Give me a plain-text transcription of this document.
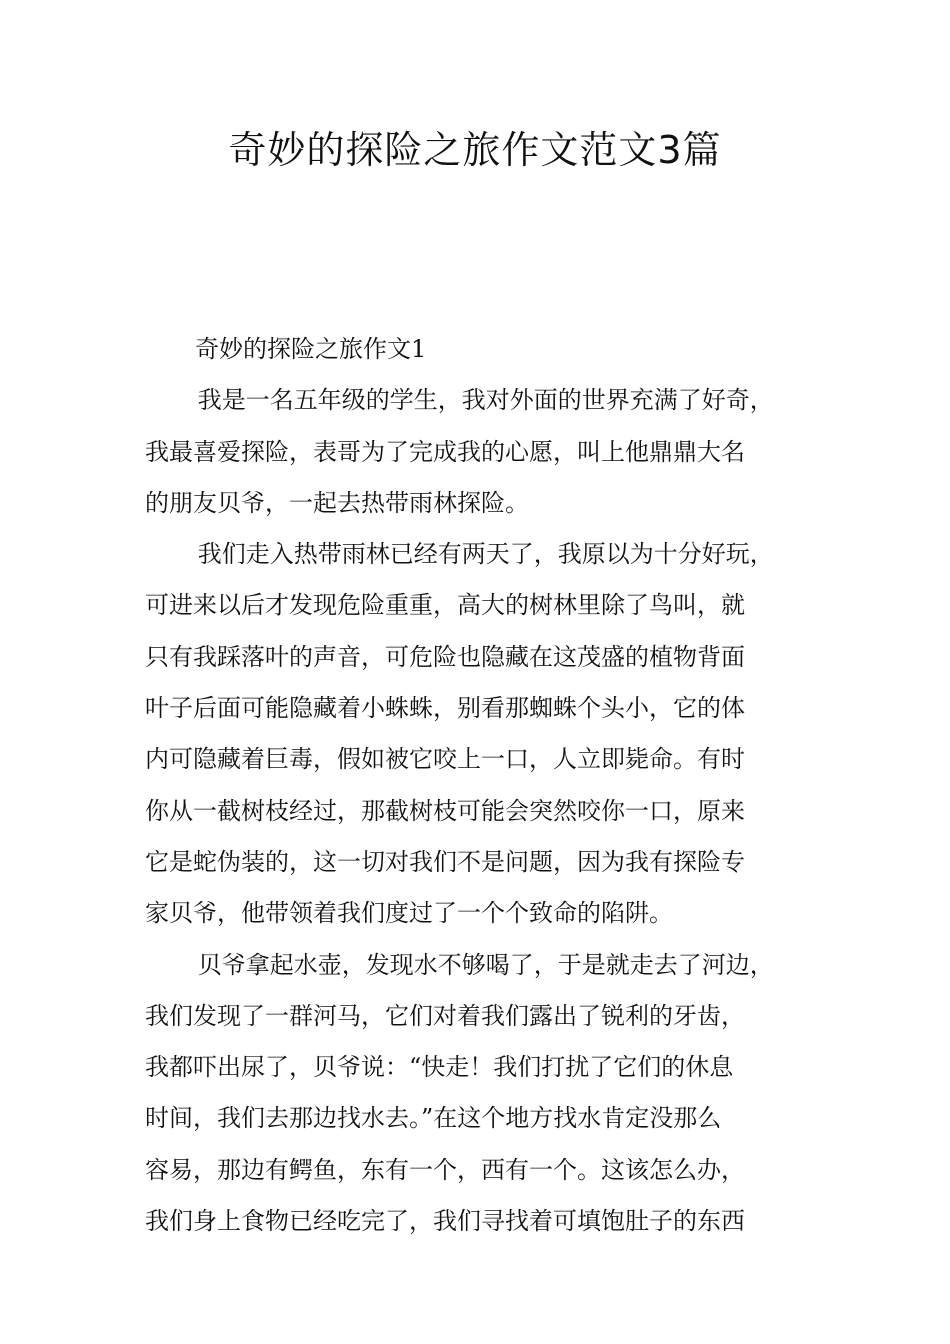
奇妙的探险之旅作文范文3篇
奇妙的探险之旅作文1

我是一名五年级的学生，我对外面的世界充满了好奇，
我最喜爱探险，表哥为了完成我的心愿，叫上他鼎鼎大名
的朋友贝爷，一起去热带雨林探险。

我们走入热带雨林已经有两天了，我原以为十分好玩，
可进来以后才发现危险重重，高大的树林里除了鸟叫，就
只有我踩落叶的声音，可危险也隐藏在这茂盛的植物背面
叶子后面可能隐藏着小蛛蛛，别看那蜘蛛个头小，它的体
内可隐藏着巨毒，假如被它咬上一口，人立即毙命。有时
你从一截树枝经过，那截树枝可能会突然咬你一口，原来
它是蛇伪装的，这一切对我们不是问题，因为我有探险专
家贝爷，他带领着我们度过了一个个致命的陷阱。

贝爷拿起水壶，发现水不够喝了，于是就走去了河边，
我们发现了一群河马，它们对着我们露出了锐利的牙齿，
我都吓出尿了，贝爷说：“快走！我们打扰了它们的休息
时间，我们去那边找水去。”在这个地方找水肯定没那么
容易，那边有鳄鱼，东有一个，西有一个。这该怎么办，
我们身上食物已经吃完了，我们寻找着可填饱肚子的东西
